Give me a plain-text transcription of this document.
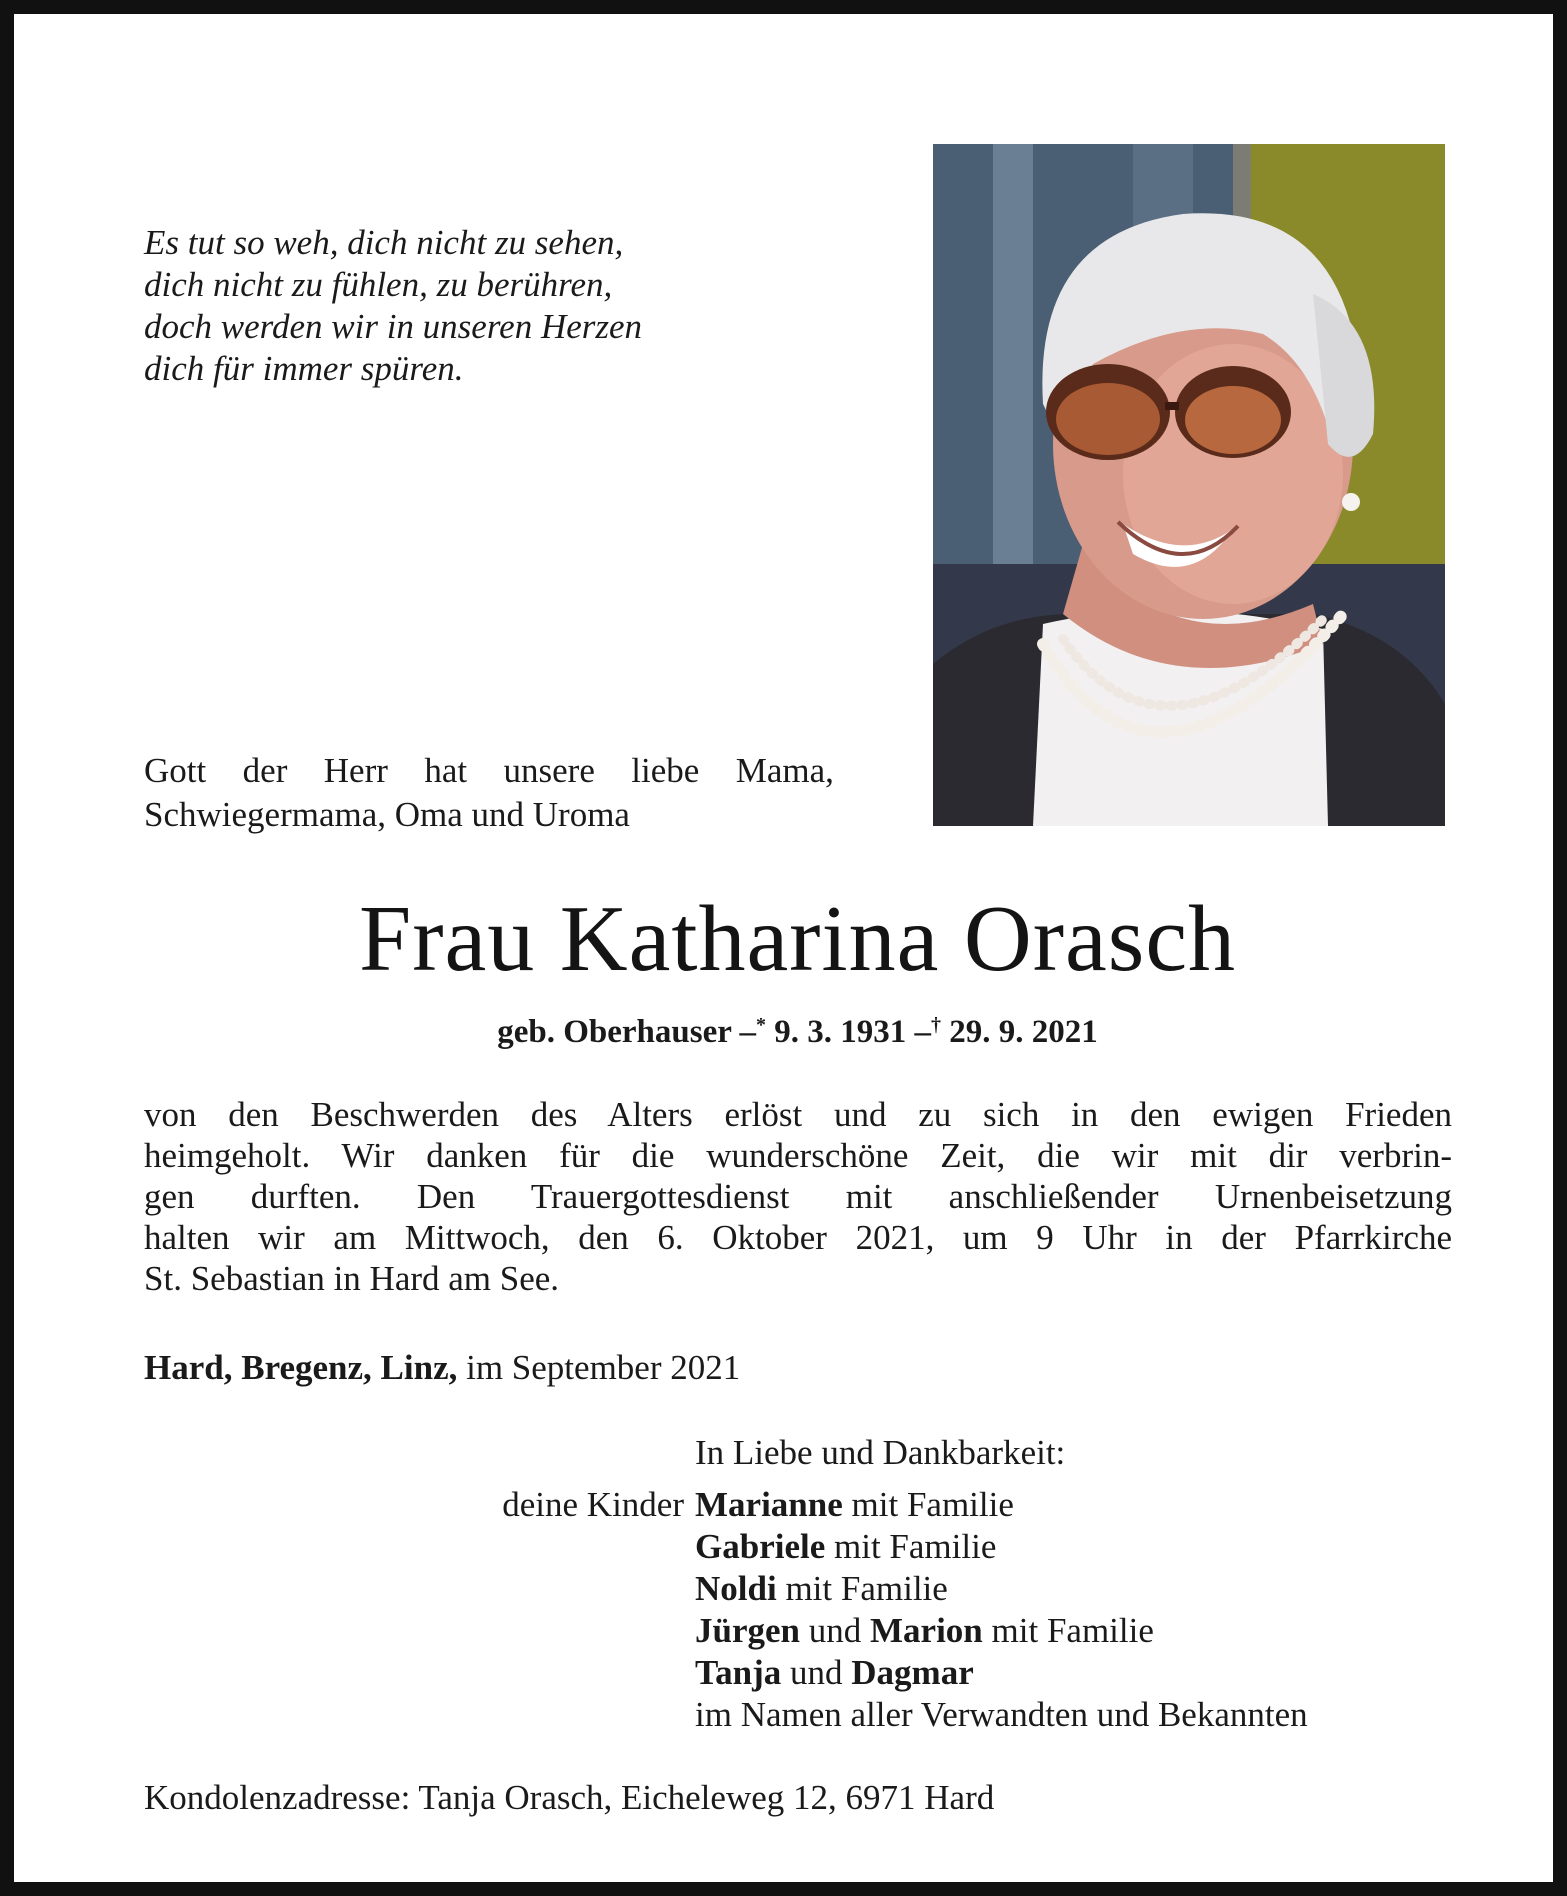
Es tut so weh, dich nicht zu sehen,
dich nicht zu fühlen, zu berühren,
doch werden wir in unseren Herzen
dich für immer spüren.
Gott der Herr hat unsere liebe Mama,
Schwiegermama, Oma und Uroma
Frau Katharina Orasch
geb. Oberhauser –* 9. 3. 1931 –† 29. 9. 2021
von den Beschwerden des Alters erlöst und zu sich in den ewigen Frieden
heimgeholt. Wir danken für die wunderschöne Zeit, die wir mit dir verbrin-
gen durften. Den Trauergottesdienst mit anschließender Urnenbeisetzung
halten wir am Mittwoch, den 6. Oktober 2021, um 9 Uhr in der Pfarrkirche
St. Sebastian in Hard am See.
Hard, Bregenz, Linz, im September 2021
In Liebe und Dankbarkeit:
deine Kinder Marianne mit Familie
Gabriele mit Familie
Noldi mit Familie
Jürgen und Marion mit Familie
Tanja und Dagmar
im Namen aller Verwandten und Bekannten
Kondolenzadresse: Tanja Orasch, Eicheleweg 12, 6971 Hard
